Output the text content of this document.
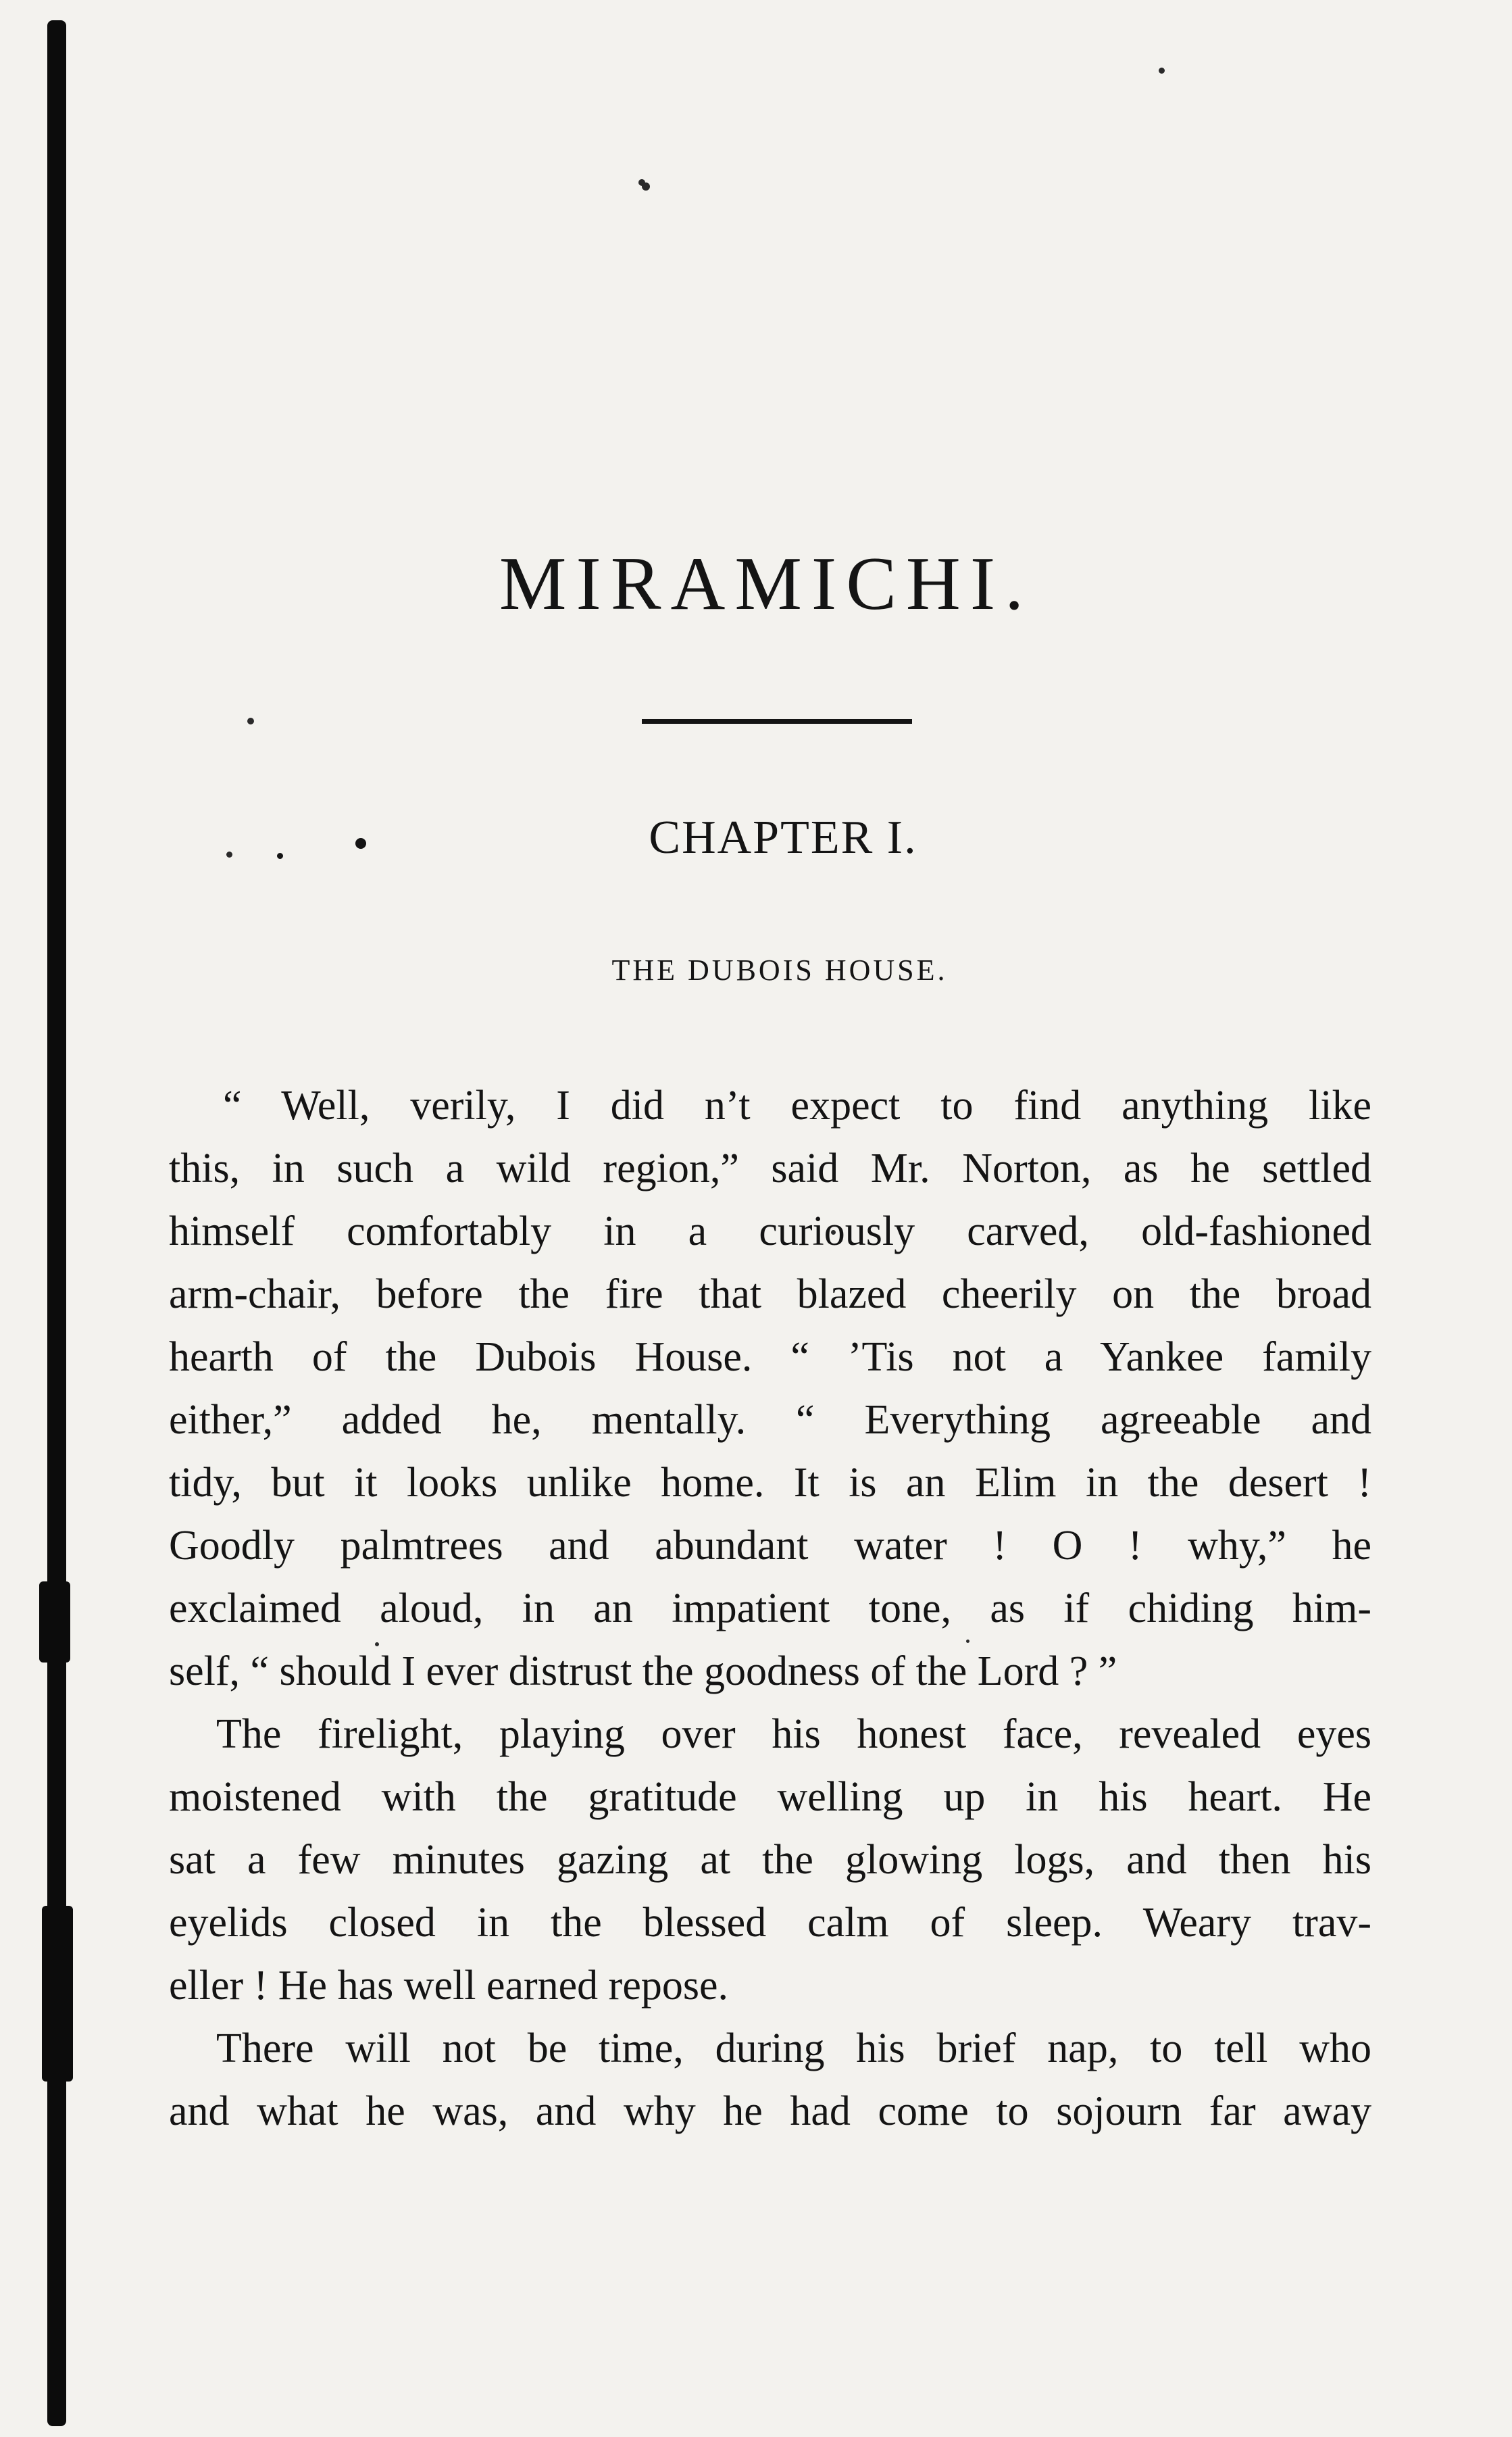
MIRAMICHI.
CHAPTER I.
THE DUBOIS HOUSE.
“ Well, verily, I did n’t expect to find anything like
this, in such a wild region,” said Mr. Norton, as he settled
himself comfortably in a curiously carved, old-fashioned
arm-chair, before the fire that blazed cheerily on the broad
hearth of the Dubois House. “ ’Tis not a Yankee family
either,” added he, mentally. “ Everything agreeable and
tidy, but it looks unlike home. It is an Elim in the desert !
Goodly palmtrees and abundant water ! O ! why,” he
exclaimed aloud, in an impatient tone, as if chiding him-
self, “ should I ever distrust the goodness of the Lord ? ”
The firelight, playing over his honest face, revealed eyes
moistened with the gratitude welling up in his heart. He
sat a few minutes gazing at the glowing logs, and then his
eyelids closed in the blessed calm of sleep. Weary trav-
eller ! He has well earned repose.
There will not be time, during his brief nap, to tell who
and what he was, and why he had come to sojourn far away
